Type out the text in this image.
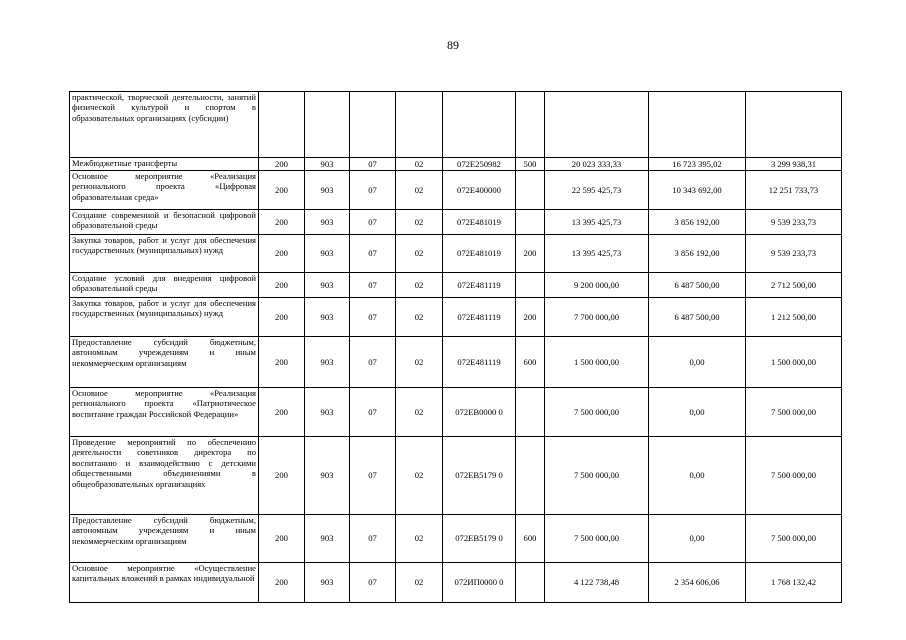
89
практической, творческой деятельности, занятий физической культурой и спортом в образовательных организациях (субсидии)									
Межбюджетные трансферты	200	903	07	02	072E250982	500	20 023 333,33	16 723 395,02	3 299 938,31
Основное мероприятие «Реализация регионального проекта «Цифровая образовательная среда»	200	903	07	02	072E400000		22 595 425,73	10 343 692,00	12 251 733,73
Создание современной и безопасной цифровой образовательной среды	200	903	07	02	072E481019		13 395 425,73	3 856 192,00	9 539 233,73
Закупка товаров, работ и услуг для обеспечения государственных (муниципальных) нужд	200	903	07	02	072E481019	200	13 395 425,73	3 856 192,00	9 539 233,73
Создание условий для внедрения цифровой образовательной среды	200	903	07	02	072E481119		9 200 000,00	6 487 500,00	2 712 500,00
Закупка товаров, работ и услуг для обеспечения государственных (муниципальных) нужд	200	903	07	02	072E481119	200	7 700 000,00	6 487 500,00	1 212 500,00
Предоставление субсидий бюджетным, автономным учреждениям и иным некоммерческим организациям	200	903	07	02	072E481119	600	1 500 000,00	0,00	1 500 000,00
Основное мероприятие «Реализация регионального проекта «Патриотическое воспитание граждан Российской Федерации»	200	903	07	02	072EB0000 0		7 500 000,00	0,00	7 500 000,00
Проведение мероприятий по обеспечению деятельности советников директора по воспитанию и взаимодействию с детскими общественными объединениями в общеобразовательных организациях	200	903	07	02	072EB5179 0		7 500 000,00	0,00	7 500 000,00
Предоставление субсидий бюджетным, автономным учреждениям и иным некоммерческим организациям	200	903	07	02	072EB5179 0	600	7 500 000,00	0,00	7 500 000,00
Основное мероприятие «Осуществление капитальных вложений в рамках индивидуальной	200	903	07	02	072ИП0000 0		4 122 738,48	2 354 606,06	1 768 132,42
